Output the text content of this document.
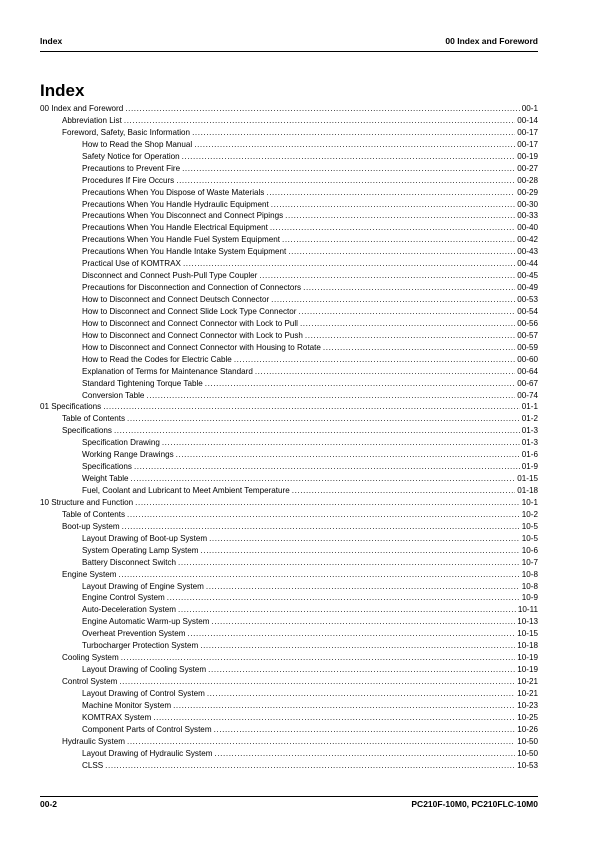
Index	00 Index and Foreword
Index
00 Index and Foreword .....	00-1
Abbreviation List .....	00-14
Foreword, Safety, Basic Information .....	00-17
How to Read the Shop Manual .....	00-17
Safety Notice for Operation .....	00-19
Precautions to Prevent Fire .....	00-27
Procedures If Fire Occurs .....	00-28
Precautions When You Dispose of Waste Materials .....	00-29
Precautions When You Handle Hydraulic Equipment .....	00-30
Precautions When You Disconnect and Connect Pipings .....	00-33
Precautions When You Handle Electrical Equipment .....	00-40
Precautions When You Handle Fuel System Equipment .....	00-42
Precautions When You Handle Intake System Equipment .....	00-43
Practical Use of KOMTRAX .....	00-44
Disconnect and Connect Push-Pull Type Coupler .....	00-45
Precautions for Disconnection and Connection of Connectors .....	00-49
How to Disconnect and Connect Deutsch Connector .....	00-53
How to Disconnect and Connect Slide Lock Type Connector .....	00-54
How to Disconnect and Connect Connector with Lock to Pull .....	00-56
How to Disconnect and Connect Connector with Lock to Push .....	00-57
How to Disconnect and Connect Connector with Housing to Rotate .....	00-59
How to Read the Codes for Electric Cable .....	00-60
Explanation of Terms for Maintenance Standard .....	00-64
Standard Tightening Torque Table .....	00-67
Conversion Table .....	00-74
01 Specifications .....	01-1
Table of Contents .....	01-2
Specifications .....	01-3
Specification Drawing .....	01-3
Working Range Drawings .....	01-6
Specifications .....	01-9
Weight Table .....	01-15
Fuel, Coolant and Lubricant to Meet Ambient Temperature .....	01-18
10 Structure and Function .....	10-1
Table of Contents .....	10-2
Boot-up System .....	10-5
Layout Drawing of Boot-up System .....	10-5
System Operating Lamp System .....	10-6
Battery Disconnect Switch .....	10-7
Engine System .....	10-8
Layout Drawing of Engine System .....	10-8
Engine Control System .....	10-9
Auto-Deceleration System .....	10-11
Engine Automatic Warm-up System .....	10-13
Overheat Prevention System .....	10-15
Turbocharger Protection System .....	10-18
Cooling System .....	10-19
Layout Drawing of Cooling System .....	10-19
Control System .....	10-21
Layout Drawing of Control System .....	10-21
Machine Monitor System .....	10-23
KOMTRAX System .....	10-25
Component Parts of Control System .....	10-26
Hydraulic System .....	10-50
Layout Drawing of Hydraulic System .....	10-50
CLSS .....	10-53
00-2	PC210F-10M0, PC210FLC-10M0
